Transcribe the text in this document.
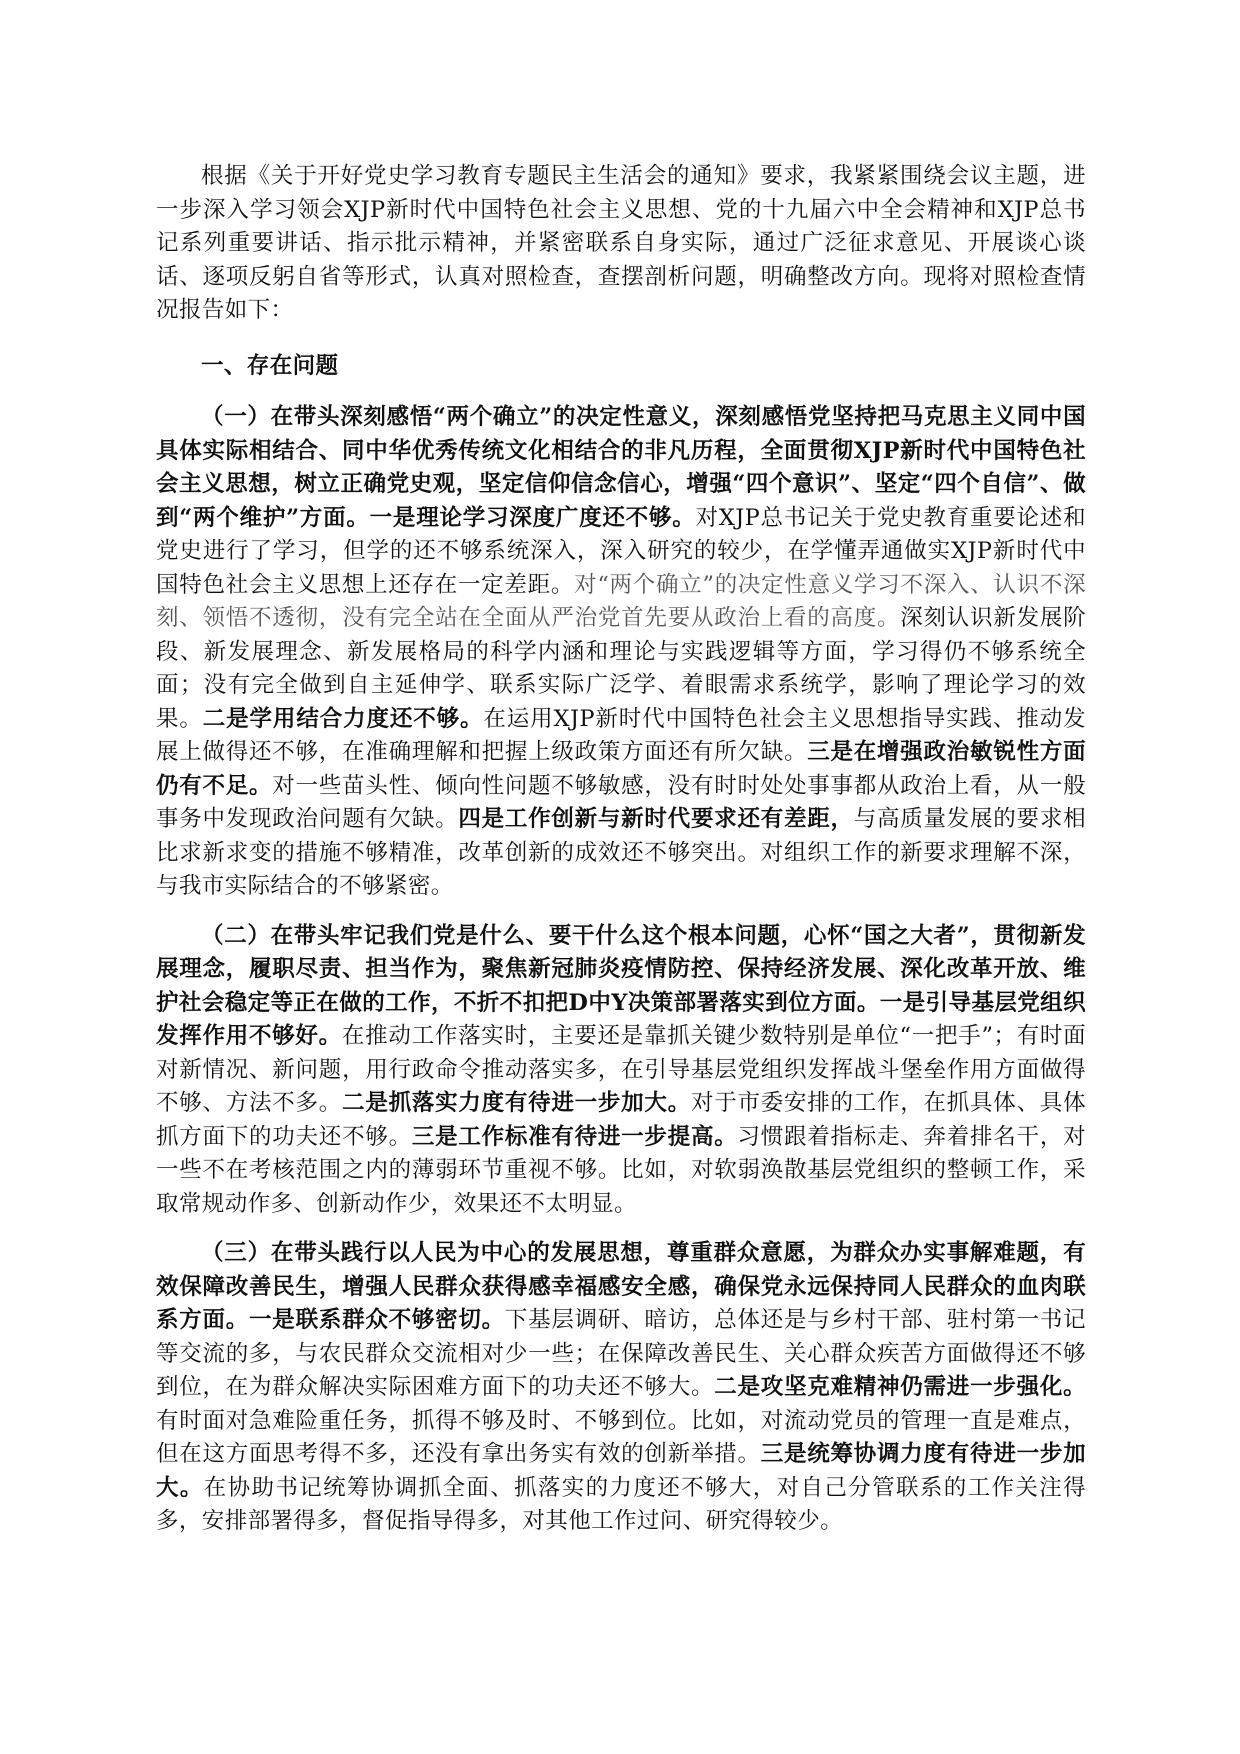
根据《关于开好党史学习教育专题民主生活会的通知》要求，我紧紧围绕会议主题，进一步深入学习领会XJP新时代中国特色社会主义思想、党的十九届六中全会精神和XJP总书记系列重要讲话、指示批示精神，并紧密联系自身实际，通过广泛征求意见、开展谈心谈话、逐项反躬自省等形式，认真对照检查，查摆剖析问题，明确整改方向。现将对照检查情况报告如下：

一、存在问题

（一）在带头深刻感悟“两个确立”的决定性意义，深刻感悟党坚持把马克思主义同中国具体实际相结合、同中华优秀传统文化相结合的非凡历程，全面贯彻XJP新时代中国特色社会主义思想，树立正确党史观，坚定信仰信念信心，增强“四个意识”、坚定“四个自信”、做到“两个维护”方面。一是理论学习深度广度还不够。对XJP总书记关于党史教育重要论述和党史进行了学习，但学的还不够系统深入，深入研究的较少，在学懂弄通做实XJP新时代中国特色社会主义思想上还存在一定差距。对“两个确立”的决定性意义学习不深入、认识不深刻、领悟不透彻，没有完全站在全面从严治党首先要从政治上看的高度。深刻认识新发展阶段、新发展理念、新发展格局的科学内涵和理论与实践逻辑等方面，学习得仍不够系统全面；没有完全做到自主延伸学、联系实际广泛学、着眼需求系统学，影响了理论学习的效果。二是学用结合力度还不够。在运用XJP新时代中国特色社会主义思想指导实践、推动发展上做得还不够，在准确理解和把握上级政策方面还有所欠缺。三是在增强政治敏锐性方面仍有不足。对一些苗头性、倾向性问题不够敏感，没有时时处处事事都从政治上看，从一般事务中发现政治问题有欠缺。四是工作创新与新时代要求还有差距，与高质量发展的要求相比求新求变的措施不够精准，改革创新的成效还不够突出。对组织工作的新要求理解不深，与我市实际结合的不够紧密。

（二）在带头牢记我们党是什么、要干什么这个根本问题，心怀“国之大者”，贯彻新发展理念，履职尽责、担当作为，聚焦新冠肺炎疫情防控、保持经济发展、深化改革开放、维护社会稳定等正在做的工作，不折不扣把D中Y决策部署落实到位方面。一是引导基层党组织发挥作用不够好。在推动工作落实时，主要还是靠抓关键少数特别是单位“一把手”；有时面对新情况、新问题，用行政命令推动落实多，在引导基层党组织发挥战斗堡垒作用方面做得不够、方法不多。二是抓落实力度有待进一步加大。对于市委安排的工作，在抓具体、具体抓方面下的功夫还不够。三是工作标准有待进一步提高。习惯跟着指标走、奔着排名干，对一些不在考核范围之内的薄弱环节重视不够。比如，对软弱涣散基层党组织的整顿工作，采取常规动作多、创新动作少，效果还不太明显。

（三）在带头践行以人民为中心的发展思想，尊重群众意愿，为群众办实事解难题，有效保障改善民生，增强人民群众获得感幸福感安全感，确保党永远保持同人民群众的血肉联系方面。一是联系群众不够密切。下基层调研、暗访，总体还是与乡村干部、驻村第一书记等交流的多，与农民群众交流相对少一些；在保障改善民生、关心群众疾苦方面做得还不够到位，在为群众解决实际困难方面下的功夫还不够大。二是攻坚克难精神仍需进一步强化。有时面对急难险重任务，抓得不够及时、不够到位。比如，对流动党员的管理一直是难点，但在这方面思考得不多，还没有拿出务实有效的创新举措。三是统筹协调力度有待进一步加大。在协助书记统筹协调抓全面、抓落实的力度还不够大，对自己分管联系的工作关注得多，安排部署得多，督促指导得多，对其他工作过问、研究得较少。
